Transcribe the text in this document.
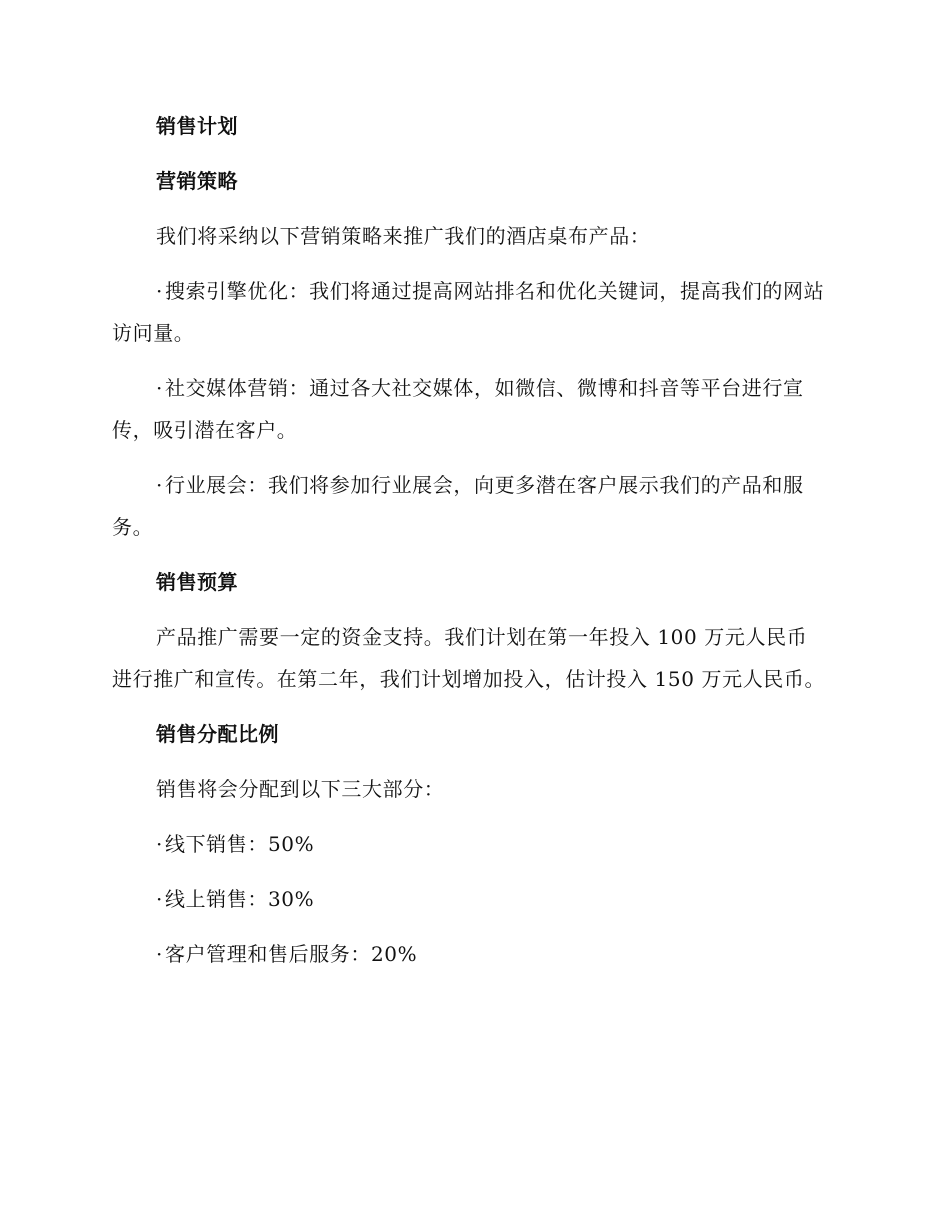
销售计划
营销策略

我们将采纳以下营销策略来推广我们的酒店桌布产品：

· 搜索引擎优化：我们将通过提高网站排名和优化关键词，提高我们的网站访问量。

· 社交媒体营销：通过各大社交媒体，如微信、微博和抖音等平台进行宣传，吸引潜在客户。

· 行业展会：我们将参加行业展会，向更多潜在客户展示我们的产品和服务。

销售预算

产品推广需要一定的资金支持。我们计划在第一年投入 100 万元人民币进行推广和宣传。在第二年，我们计划增加投入，估计投入 150 万元人民币。

销售分配比例

销售将会分配到以下三大部分：

· 线下销售：50%

· 线上销售：30%

· 客户管理和售后服务：20%
